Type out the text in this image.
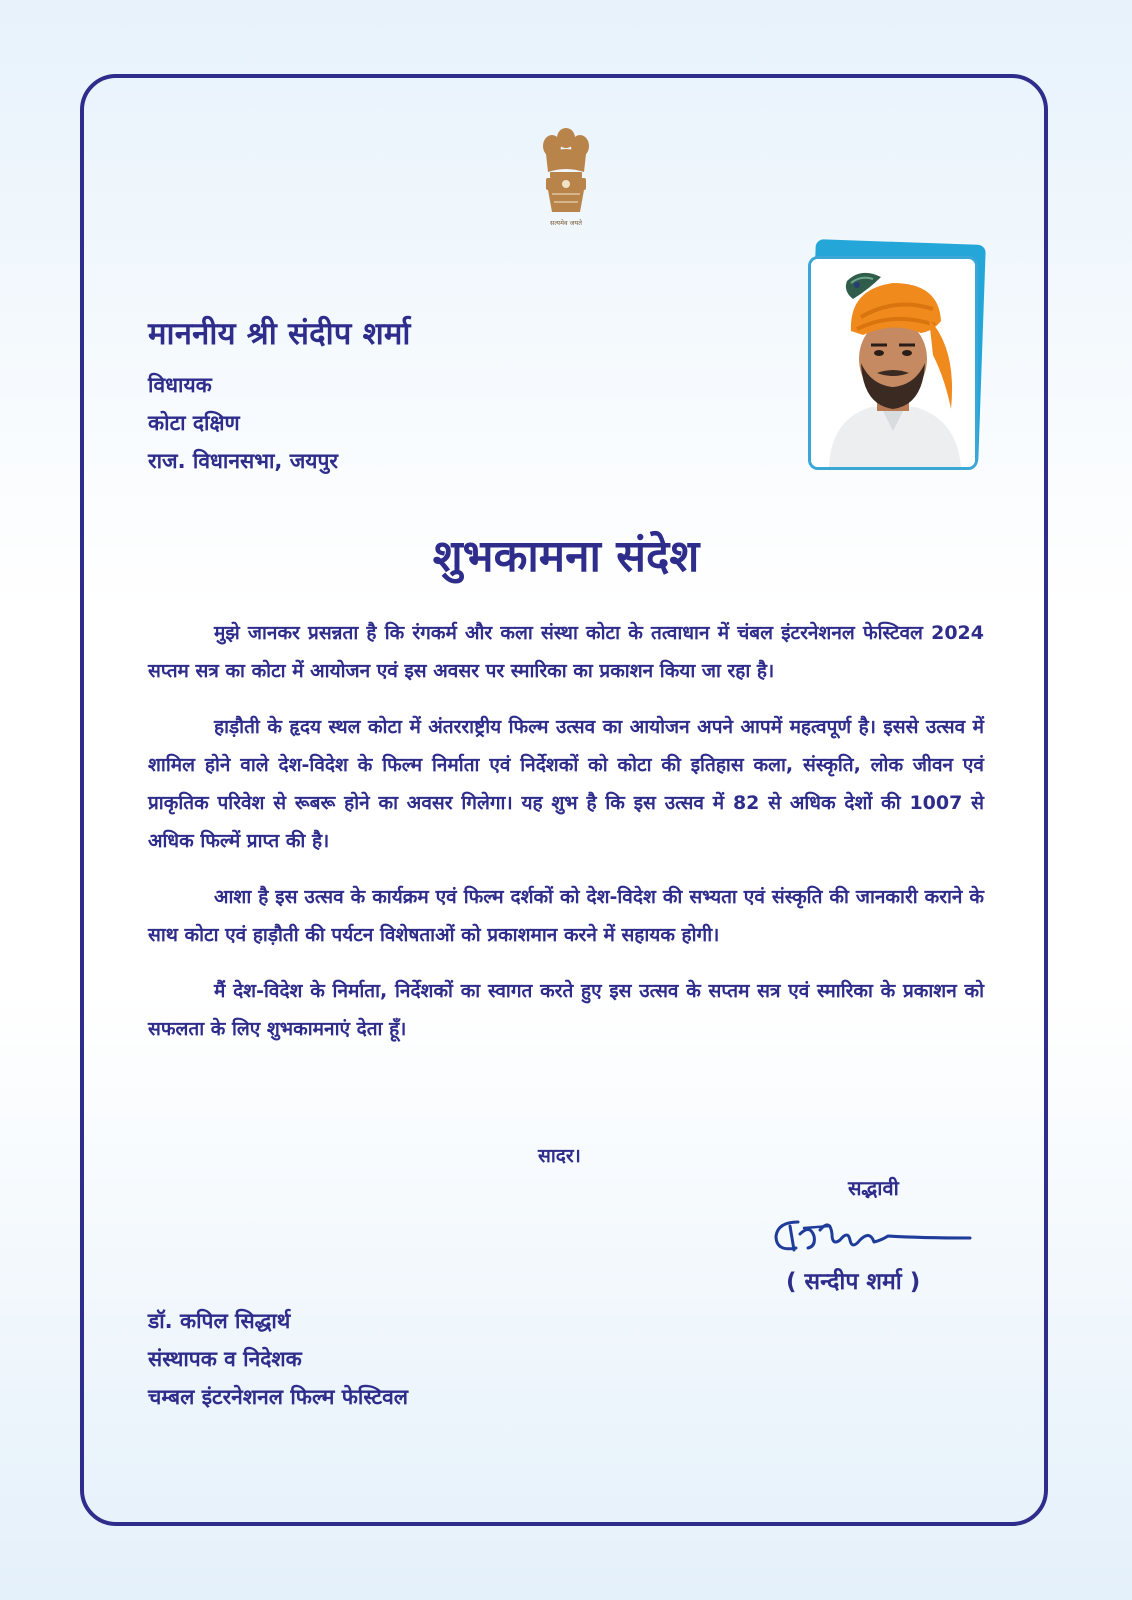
सत्यमेव जयते
माननीय श्री संदीप शर्मा
विधायक
कोटा दक्षिण
राज. विधानसभा, जयपुर
शुभकामना संदेश

मुझे जानकर प्रसन्नता है कि रंगकर्म और कला संस्था कोटा के तत्वाधान में चंबल इंटरनेशनल फेस्टिवल 2024 सप्तम सत्र का कोटा में आयोजन एवं इस अवसर पर स्मारिका का प्रकाशन किया जा रहा है।

हाड़ौती के हृदय स्थल कोटा में अंतरराष्ट्रीय फिल्म उत्सव का आयोजन अपने आपमें महत्वपूर्ण है। इससे उत्सव में शामिल होने वाले देश-विदेश के फिल्म निर्माता एवं निर्देशकों को कोटा की इतिहास कला, संस्कृति, लोक जीवन एवं प्राकृतिक परिवेश से रूबरू होने का अवसर गिलेगा। यह शुभ है कि इस उत्सव में 82 से अधिक देशों की 1007 से अधिक फिल्में प्राप्त की है।

आशा है इस उत्सव के कार्यक्रम एवं फिल्म दर्शकों को देश-विदेश की सभ्यता एवं संस्कृति की जानकारी कराने के साथ कोटा एवं हाड़ौती की पर्यटन विशेषताओं को प्रकाशमान करने में सहायक होगी।

मैं देश-विदेश के निर्माता, निर्देशकों का स्वागत करते हुए इस उत्सव के सप्तम सत्र एवं स्मारिका के प्रकाशन को सफलता के लिए शुभकामनाएं देता हूँ।

सादर।
सद्भावी
( सन्दीप शर्मा )
डॉ. कपिल सिद्धार्थ
संस्थापक व निदेशक
चम्बल इंटरनेशनल फिल्म फेस्टिवल
